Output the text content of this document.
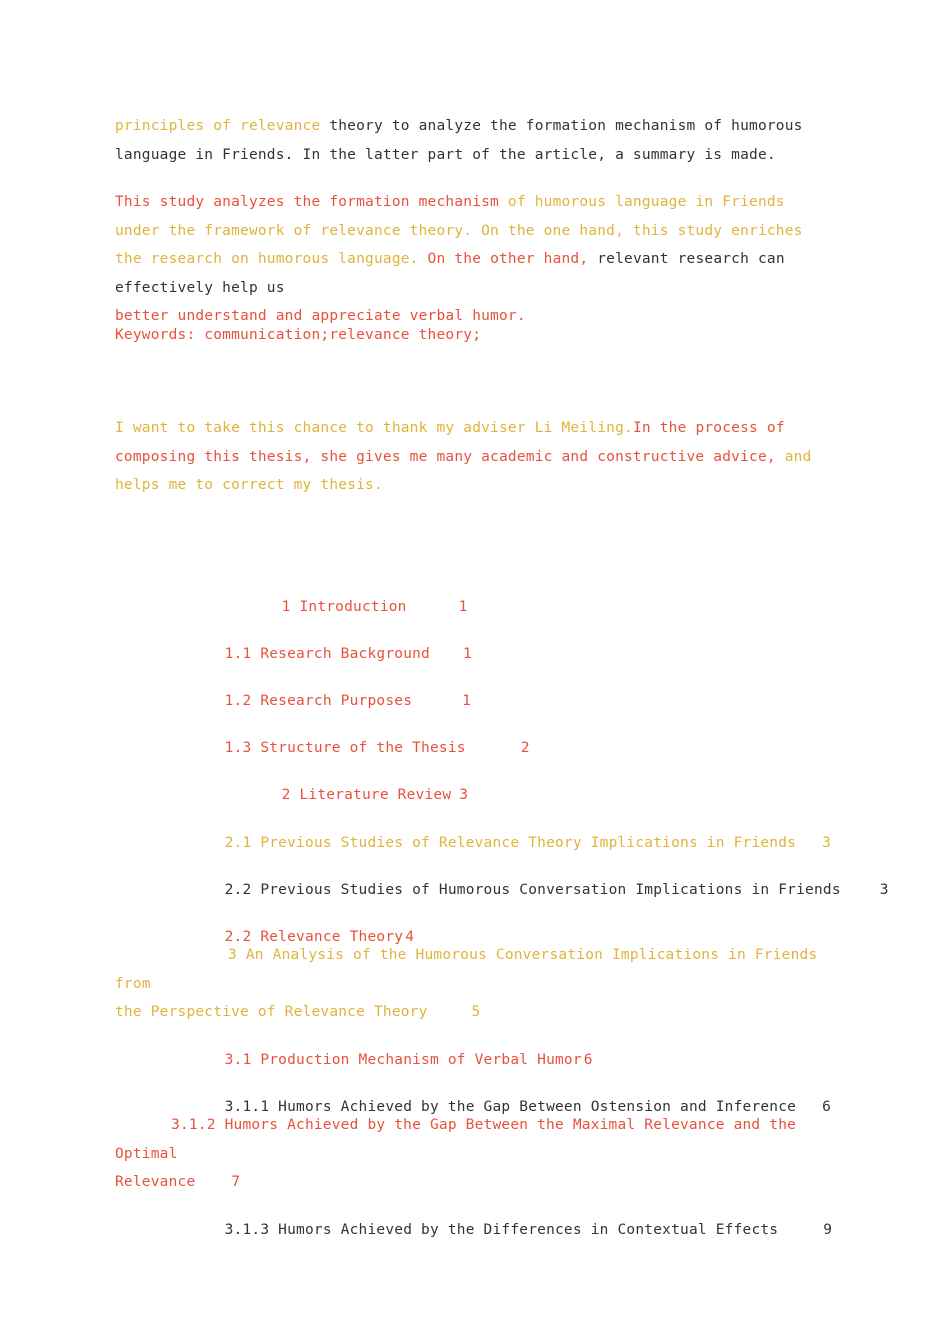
principles of relevance theory to analyze the formation mechanism of humorous language in Friends. In the latter part of the article, a summary is made.
This study analyzes the formation mechanism of humorous language in Friends under the framework of relevance theory. On the one hand, this study enriches the research on humorous language. On the other hand, relevant research can effectively help us
better understand and appreciate verbal humor.
Keywords: communication;relevance theory;
I want to take this chance to thank my adviser Li Meiling.In the process of composing this thesis, she gives me many academic and constructive advice, and helps me to correct my thesis.

1 Introduction	1

1.1 Research Background 1

1.2 Research Purposes	1

1.3 Structure of the Thesis	2

2 Literature Review 3

2.1 Previous Studies of Relevance Theory Implications in Friends 3

2.2 Previous Studies of Humorous Conversation Implications in Friends	3

2.2 Relevance Theory 4

3 An Analysis of the Humorous Conversation Implications in Friends from
the Perspective of Relevance Theory	5

3.1 Production Mechanism of Verbal Humor 6

3.1.1 Humors Achieved by the Gap Between Ostension and Inference 6

3.1.2 Humors Achieved by the Gap Between the Maximal Relevance and the Optimal
Relevance 7

3.1.3 Humors Achieved by the Differences in Contextual Effects	9
